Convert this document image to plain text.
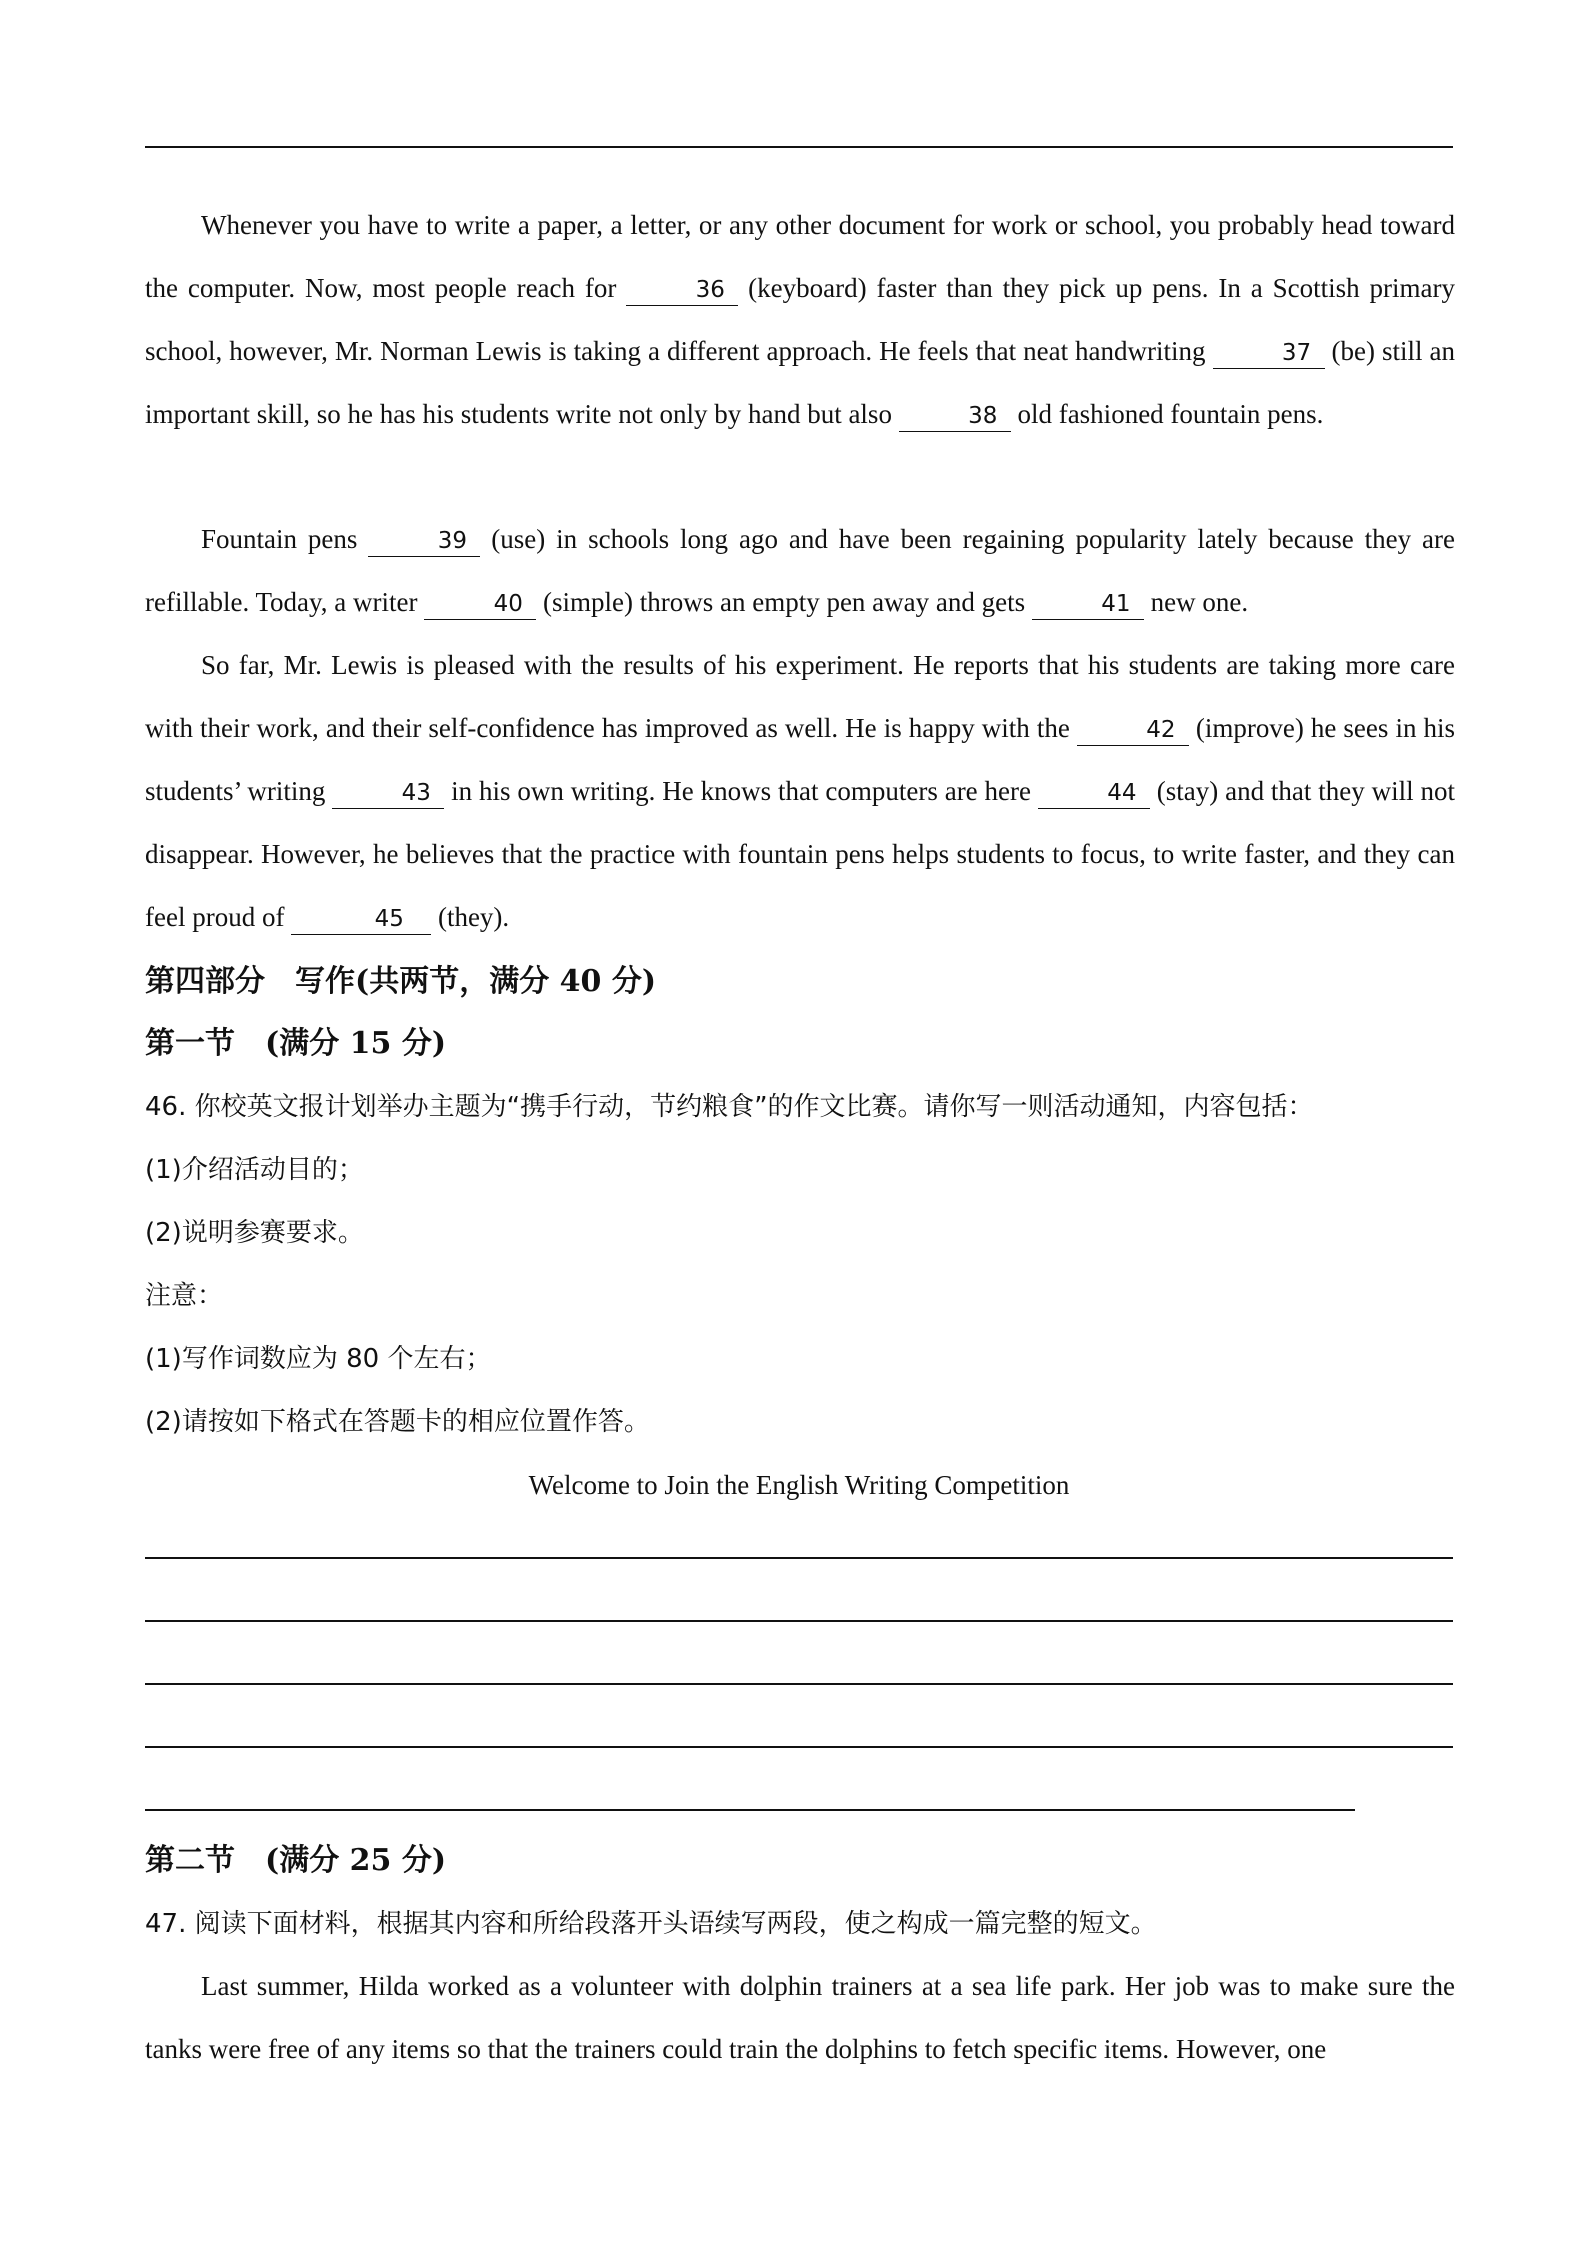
Whenever you have to write a paper, a letter, or any other document for work or school, you probably head toward the computer. Now, most people reach for	36 (keyboard) faster than they pick up pens. In a Scottish primary school, however, Mr. Norman Lewis is taking a different approach. He feels that neat handwriting	37 (be) still an important skill, so he has his students write not only by hand but also	38 old fashioned fountain pens.
Fountain pens	39 (use) in schools long ago and have been regaining popularity lately because they are refillable. Today, a writer	40 (simple) throws an empty pen away and gets	41 new one.
So far, Mr. Lewis is pleased with the results of his experiment. He reports that his students are taking more care with their work, and their self-confidence has improved as well. He is happy with the	42 (improve) he sees in his students’ writing	43 in his own writing. He knows that computers are here	44 (stay) and that they will not disappear. However, he believes that the practice with fountain pens helps students to focus, to write faster, and they can feel proud of	45 (they).
第四部分　写作(共两节，满分 40 分)
第一节　(满分 15 分)
46. 你校英文报计划举办主题为“携手行动，节约粮食”的作文比赛。请你写一则活动通知，内容包括：
(1)介绍活动目的；
(2)说明参赛要求。
注意：
(1)写作词数应为 80 个左右；
(2)请按如下格式在答题卡的相应位置作答。
Welcome to Join the English Writing Competition
第二节　(满分 25 分)
47. 阅读下面材料，根据其内容和所给段落开头语续写两段，使之构成一篇完整的短文。
Last summer, Hilda worked as a volunteer with dolphin trainers at a sea life park. Her job was to make sure the tanks were free of any items so that the trainers could train the dolphins to fetch specific items. However, one
